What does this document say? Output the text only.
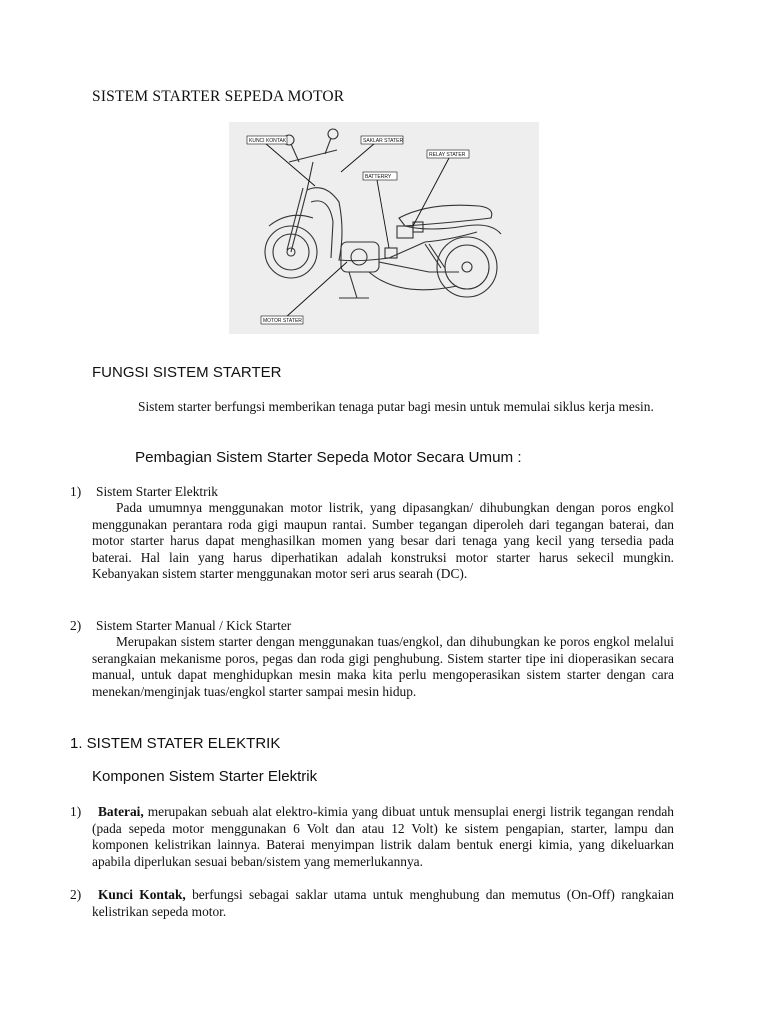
SISTEM STARTER SEPEDA MOTOR
KUNCI KONTAK	SAKLAR STATER
RELAY STATER
BATTERRY
MOTOR STATER
FUNGSI SISTEM STARTER
Sistem starter berfungsi memberikan tenaga putar bagi mesin untuk memulai siklus kerja mesin.
Pembagian Sistem Starter Sepeda Motor Secara Umum :
1) Sistem Starter Elektrik
Pada umumnya menggunakan motor listrik, yang dipasangkan/ dihubungkan dengan poros engkol menggunakan perantara roda gigi maupun rantai. Sumber tegangan diperoleh dari tegangan baterai, dan motor starter harus dapat menghasilkan momen yang besar dari tenaga yang kecil yang tersedia pada baterai. Hal lain yang harus diperhatikan adalah konstruksi motor starter harus sekecil mungkin. Kebanyakan sistem starter menggunakan motor seri arus searah (DC).
2) Sistem Starter Manual / Kick Starter
Merupakan sistem starter dengan menggunakan tuas/engkol, dan dihubungkan ke poros engkol melalui serangkaian mekanisme poros, pegas dan roda gigi penghubung. Sistem starter tipe ini dioperasikan secara manual, untuk dapat menghidupkan mesin maka kita perlu mengoperasikan sistem starter dengan cara menekan/menginjak tuas/engkol starter sampai mesin hidup.
1. SISTEM STATER ELEKTRIK
Komponen Sistem Starter Elektrik
1)	Baterai, merupakan sebuah alat elektro-kimia yang dibuat untuk mensuplai energi listrik tegangan rendah (pada sepeda motor menggunakan 6 Volt dan atau 12 Volt) ke sistem pengapian, starter, lampu dan komponen kelistrikan lainnya. Baterai menyimpan listrik dalam bentuk energi kimia, yang dikeluarkan apabila diperlukan sesuai beban/sistem yang memerlukannya.
2)	Kunci Kontak, berfungsi sebagai saklar utama untuk menghubung dan memutus (On-Off) rangkaian kelistrikan sepeda motor.
